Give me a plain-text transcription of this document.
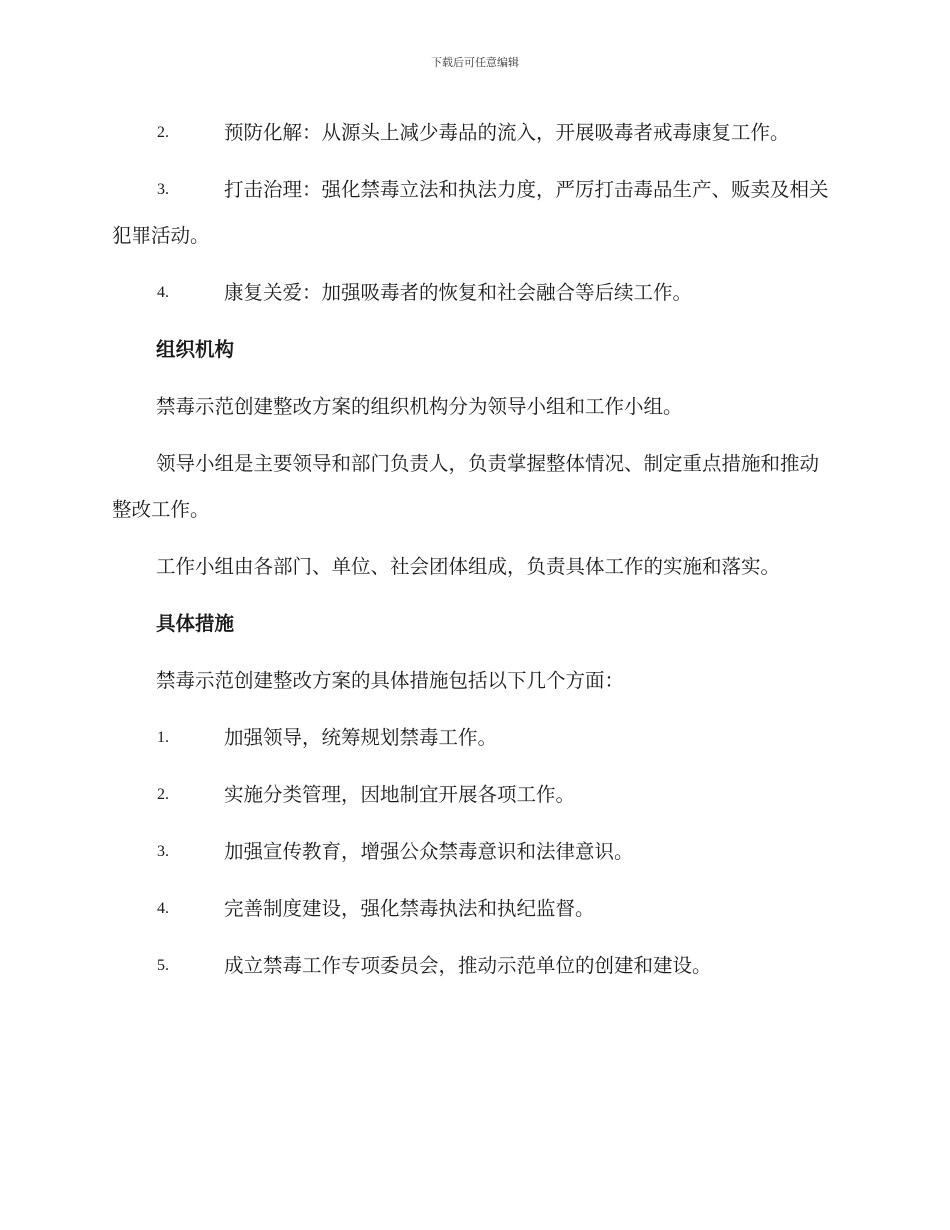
下载后可任意编辑
2.	预防化解：从源头上减少毒品的流入，开展吸毒者戒毒康复工作。
3.	打击治理：强化禁毒立法和执法力度，严厉打击毒品生产、贩卖及相关犯罪活动。
4.	康复关爱：加强吸毒者的恢复和社会融合等后续工作。
组织机构
禁毒示范创建整改方案的组织机构分为领导小组和工作小组。
领导小组是主要领导和部门负责人，负责掌握整体情况、制定重点措施和推动整改工作。
工作小组由各部门、单位、社会团体组成，负责具体工作的实施和落实。
具体措施
禁毒示范创建整改方案的具体措施包括以下几个方面：
1.	加强领导，统筹规划禁毒工作。
2.	实施分类管理，因地制宜开展各项工作。
3.	加强宣传教育，增强公众禁毒意识和法律意识。
4.	完善制度建设，强化禁毒执法和执纪监督。
5.	成立禁毒工作专项委员会，推动示范单位的创建和建设。
